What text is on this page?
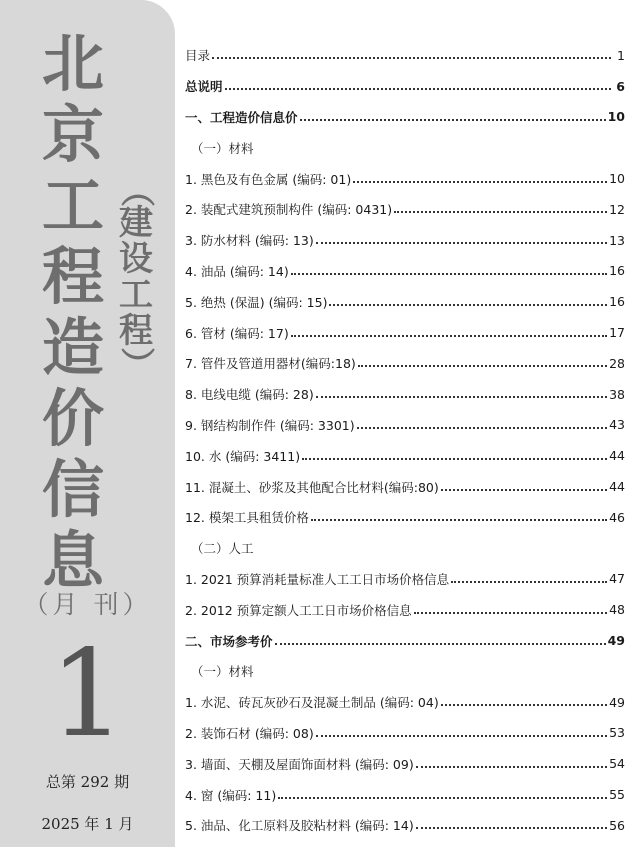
北
京
工
程
造
价
信
息
（
建
设
工
程
）
（月 刊）
1
总第 292 期
2025 年 1 月
目录	1
总说明	6
一、工程造价信息价	10
（一）材料
1. 黑色及有色金属 (编码: 01)	10
2. 装配式建筑预制构件 (编码: 0431)	12
3. 防水材料 (编码: 13)	13
4. 油品 (编码: 14)	16
5. 绝热 (保温) (编码: 15)	16
6. 管材 (编码: 17)	17
7. 管件及管道用器材(编码:18)	28
8. 电线电缆 (编码: 28)	38
9. 钢结构制作件 (编码: 3301)	43
10. 水 (编码: 3411)	44
11. 混凝土、砂浆及其他配合比材料(编码:80)	44
12. 模架工具租赁价格	46
（二）人工
1. 2021 预算消耗量标准人工工日市场价格信息	47
2. 2012 预算定额人工工日市场价格信息	48
二、市场参考价	49
（一）材料
1. 水泥、砖瓦灰砂石及混凝土制品 (编码: 04)	49
2. 装饰石材 (编码: 08)	53
3. 墙面、天棚及屋面饰面材料 (编码: 09)	54
4. 窗 (编码: 11)	55
5. 油品、化工原料及胶粘材料 (编码: 14)	56
